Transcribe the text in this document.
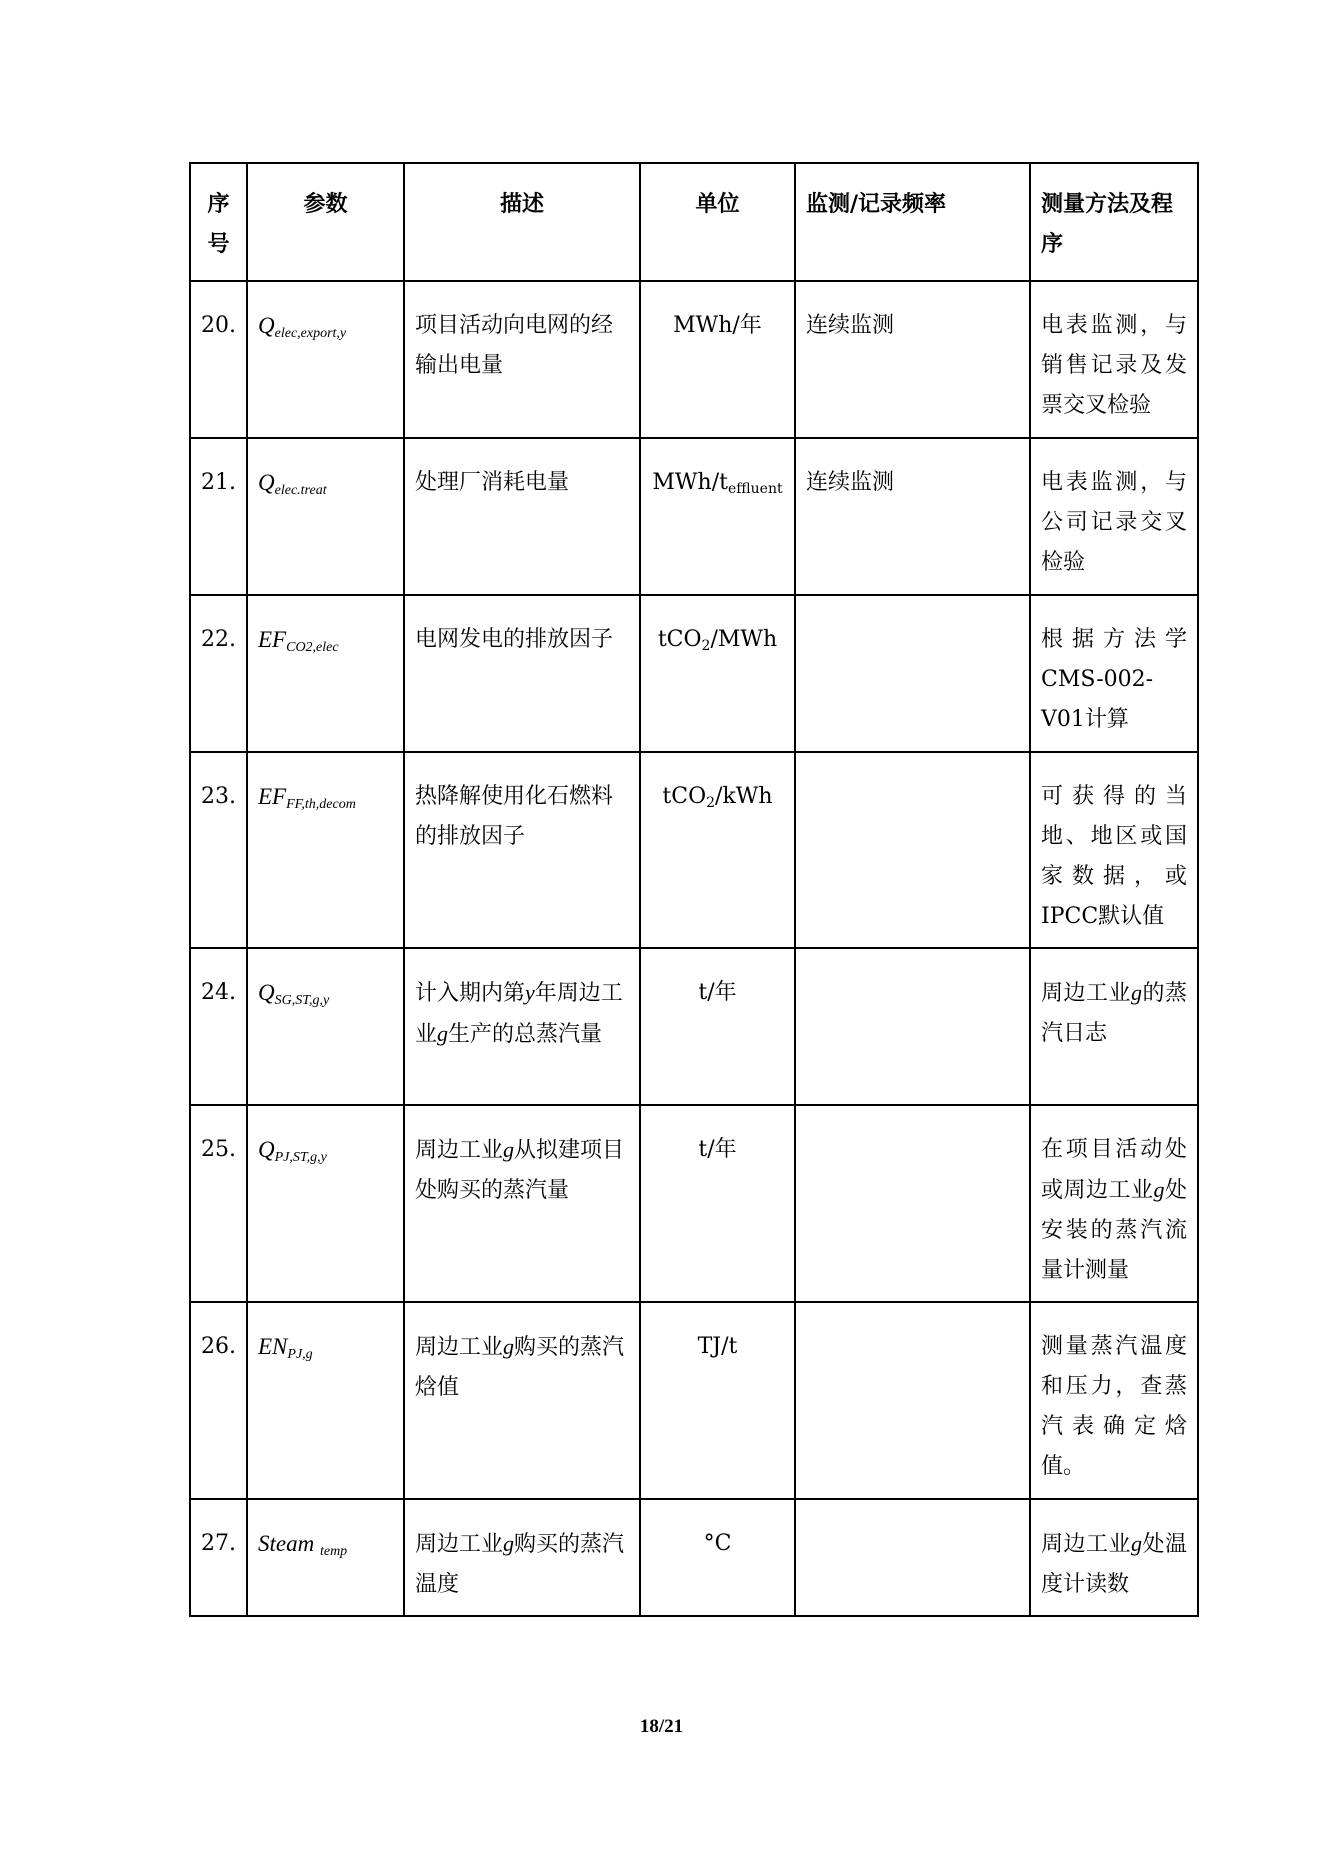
序号	参数	描述	单位	监测/记录频率	测量方法及程序
20.	$Q_{elec,export,y}$	项目活动向电网的经输出电量	MWh/年	连续监测	电表监测，与销售记录及发票交叉检验
21.	$Q_{elec.treat}$	处理厂消耗电量	MWh/$t_{effluent}$	连续监测	电表监测，与公司记录交叉检验
22.	$EF_{CO2,elec}$	电网发电的排放因子	tCO$_2$/MWh		根据方法学CMS-002-V01计算
23.	$EF_{FF,th,decom}$	热降解使用化石燃料的排放因子	tCO$_2$/kWh		可获得的当地、地区或国家数据，或IPCC默认值
24.	$Q_{SG,ST,g,y}$	计入期内第y年周边工业g生产的总蒸汽量	t/年		周边工业g的蒸汽日志
25.	$Q_{PJ,ST,g,y}$	周边工业g从拟建项目处购买的蒸汽量	t/年		在项目活动处或周边工业g处安装的蒸汽流量计测量
26.	$EN_{PJ,g}$	周边工业g购买的蒸汽焓值	TJ/t		测量蒸汽温度和压力，查蒸汽表确定焓值。
27.	Steam $_{temp}$	周边工业g购买的蒸汽温度	°C		周边工业g处温度计读数
18/21
